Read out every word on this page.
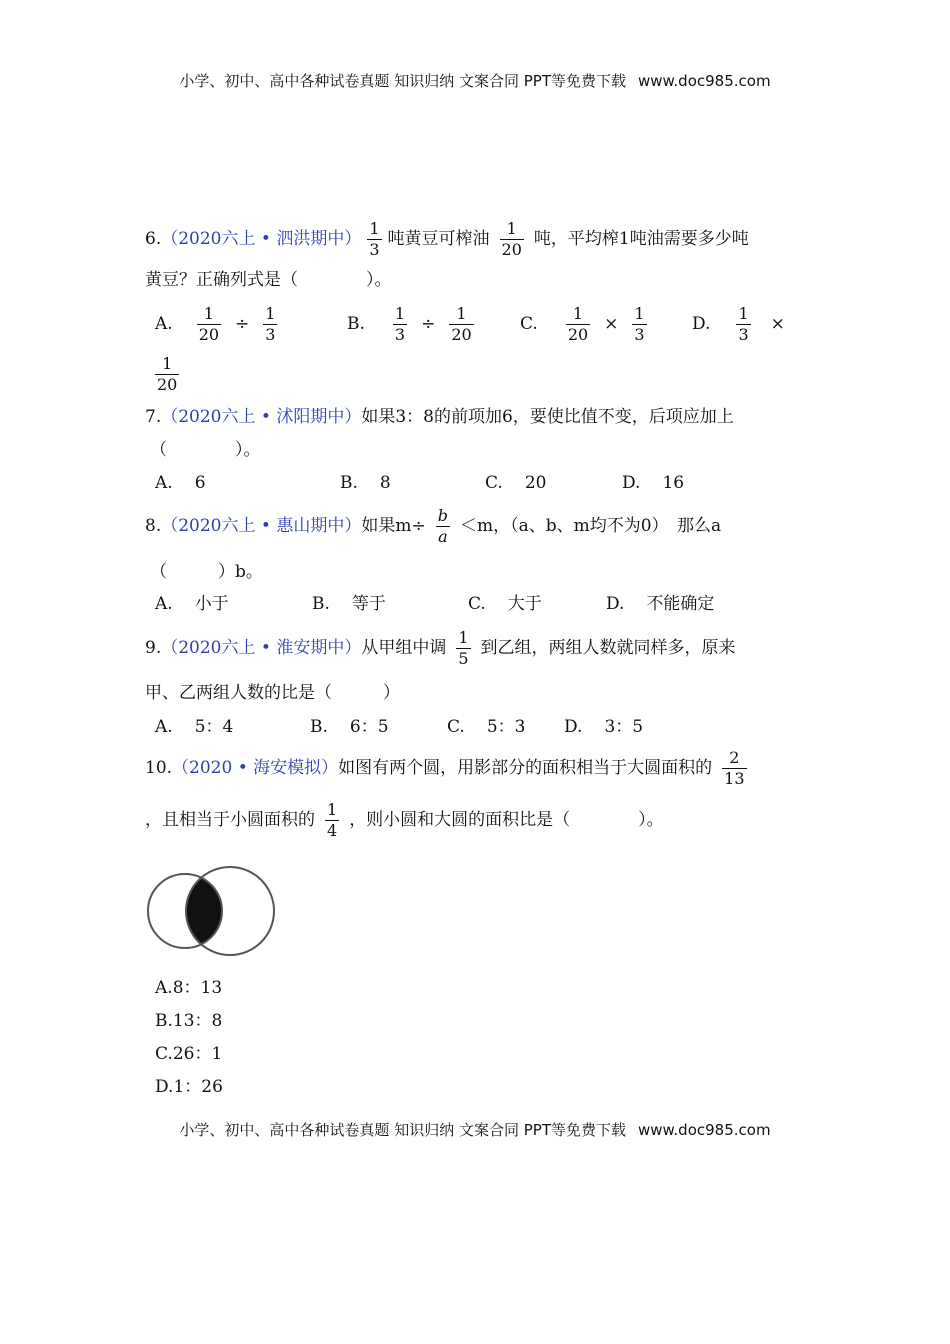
小学、初中、高中各种试卷真题 知识归纳 文案合同 PPT等免费下载 www.doc985.com
6. （2020六上 • 泗洪期中） $\frac{1}{3}$ 吨黄豆可榨油 $\frac{1}{20}$ 吨，平均榨1吨油需要多少吨
黄豆？正确列式是（　　　　）。
A. $\frac{1}{20} \div \frac{1}{3}$	B. $\frac{1}{3} \div \frac{1}{20}$	C. $\frac{1}{20} \times \frac{1}{3}$	D. $\frac{1}{3}$ ×
$\frac{1}{20}$
7. （2020六上 • 沭阳期中） 如果3：8的前项加6，要使比值不变，后项应加上
（　　　　）。
A. 6	B. 8	C. 20	D. 16
8. （2020六上 • 惠山期中） 如果$m\div \frac{b}{a} <m$，（a、b、m均不为0）　那么a
（　　　）b。
A. 小于	B. 等于	C. 大于	D. 不能确定
9. （2020六上 • 淮安期中） 从甲组中调 $\frac{1}{5}$ 到乙组，两组人数就同样多，原来
甲、乙两组人数的比是（　　　）
A. 5：4	B. 6：5	C. 5：3 D. 3：5
10. （2020 • 海安模拟） 如图有两个圆，用影部分的面积相当于大圆面积的 $\frac{2}{13}$
，且相当于小圆面积的 $\frac{1}{4}$ ，则小圆和大圆的面积比是（　　　　）。
A. 8：13
B. 13：8
C. 26：1
D. 1：26
小学、初中、高中各种试卷真题 知识归纳 文案合同 PPT等免费下载 www.doc985.com
